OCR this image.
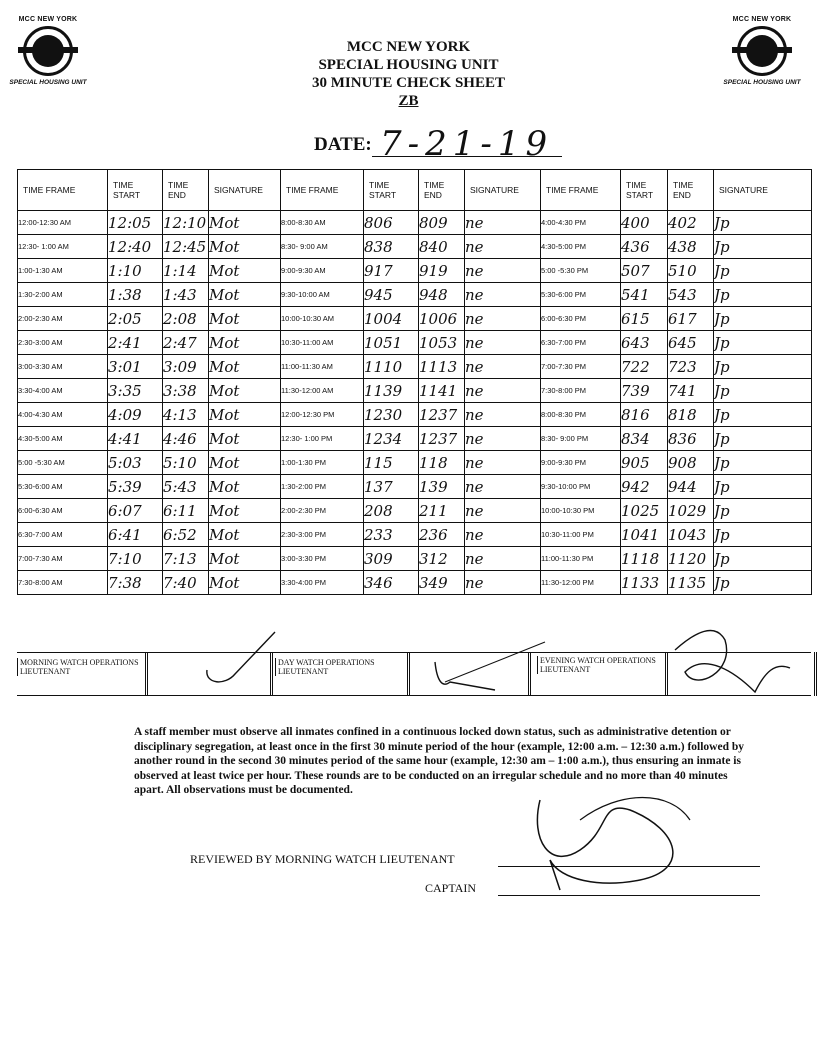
MCC NEW YORK
SPECIAL HOUSING UNIT
MCC NEW YORK
SPECIAL HOUSING UNIT
MCC NEW YORK
SPECIAL HOUSING UNIT
30 MINUTE CHECK SHEET
ZB
DATE: 7-21-19
TIME FRAME	TIME START	TIME END	SIGNATURE	TIME FRAME	TIME START	TIME END	SIGNATURE	TIME FRAME	TIME START	TIME END	SIGNATURE
12:00-12:30 AM	12:05	12:10	Mot	8:00-8:30 AM	806	809	ne	4:00-4:30 PM	400	402	Jp
12:30- 1:00 AM	12:40	12:45	Mot	8:30- 9:00 AM	838	840	ne	4:30-5:00 PM	436	438	Jp
1:00-1:30 AM	1:10	1:14	Mot	9:00-9:30 AM	917	919	ne	5:00 -5:30 PM	507	510	Jp
1:30-2:00 AM	1:38	1:43	Mot	9:30-10:00 AM	945	948	ne	5:30-6:00 PM	541	543	Jp
2:00-2:30 AM	2:05	2:08	Mot	10:00-10:30 AM	1004	1006	ne	6:00-6:30 PM	615	617	Jp
2:30-3:00 AM	2:41	2:47	Mot	10:30-11:00 AM	1051	1053	ne	6:30-7:00 PM	643	645	Jp
3:00-3:30 AM	3:01	3:09	Mot	11:00-11:30 AM	1110	1113	ne	7:00-7:30 PM	722	723	Jp
3:30-4:00 AM	3:35	3:38	Mot	11:30-12:00 AM	1139	1141	ne	7:30-8:00 PM	739	741	Jp
4:00-4:30 AM	4:09	4:13	Mot	12:00-12:30 PM	1230	1237	ne	8:00-8:30 PM	816	818	Jp
4:30-5:00 AM	4:41	4:46	Mot	12:30- 1:00 PM	1234	1237	ne	8:30- 9:00 PM	834	836	Jp
5:00 -5:30 AM	5:03	5:10	Mot	1:00-1:30 PM	115	118	ne	9:00-9:30 PM	905	908	Jp
5:30-6:00 AM	5:39	5:43	Mot	1:30-2:00 PM	137	139	ne	9:30-10:00 PM	942	944	Jp
6:00-6:30 AM	6:07	6:11	Mot	2:00-2:30 PM	208	211	ne	10:00-10:30 PM	1025	1029	Jp
6:30-7:00 AM	6:41	6:52	Mot	2:30-3:00 PM	233	236	ne	10:30-11:00 PM	1041	1043	Jp
7:00-7:30 AM	7:10	7:13	Mot	3:00-3:30 PM	309	312	ne	11:00-11:30 PM	1118	1120	Jp
7:30-8:00 AM	7:38	7:40	Mot	3:30-4:00 PM	346	349	ne	11:30-12:00 PM	1133	1135	Jp
MORNING WATCH OPERATIONS LIEUTENANT
DAY WATCH OPERATIONS LIEUTENANT
EVENING WATCH OPERATIONS LIEUTENANT
A staff member must observe all inmates confined in a continuous locked down status, such as administrative detention or disciplinary segregation, at least once in the first 30 minute period of the hour (example, 12:00 a.m. – 12:30 a.m.) followed by another round in the second 30 minutes period of the same hour (example, 12:30 am – 1:00 a.m.), thus ensuring an inmate is observed at least twice per hour. These rounds are to be conducted on an irregular schedule and no more than 40 minutes apart. All observations must be documented.
REVIEWED BY MORNING WATCH LIEUTENANT
CAPTAIN
